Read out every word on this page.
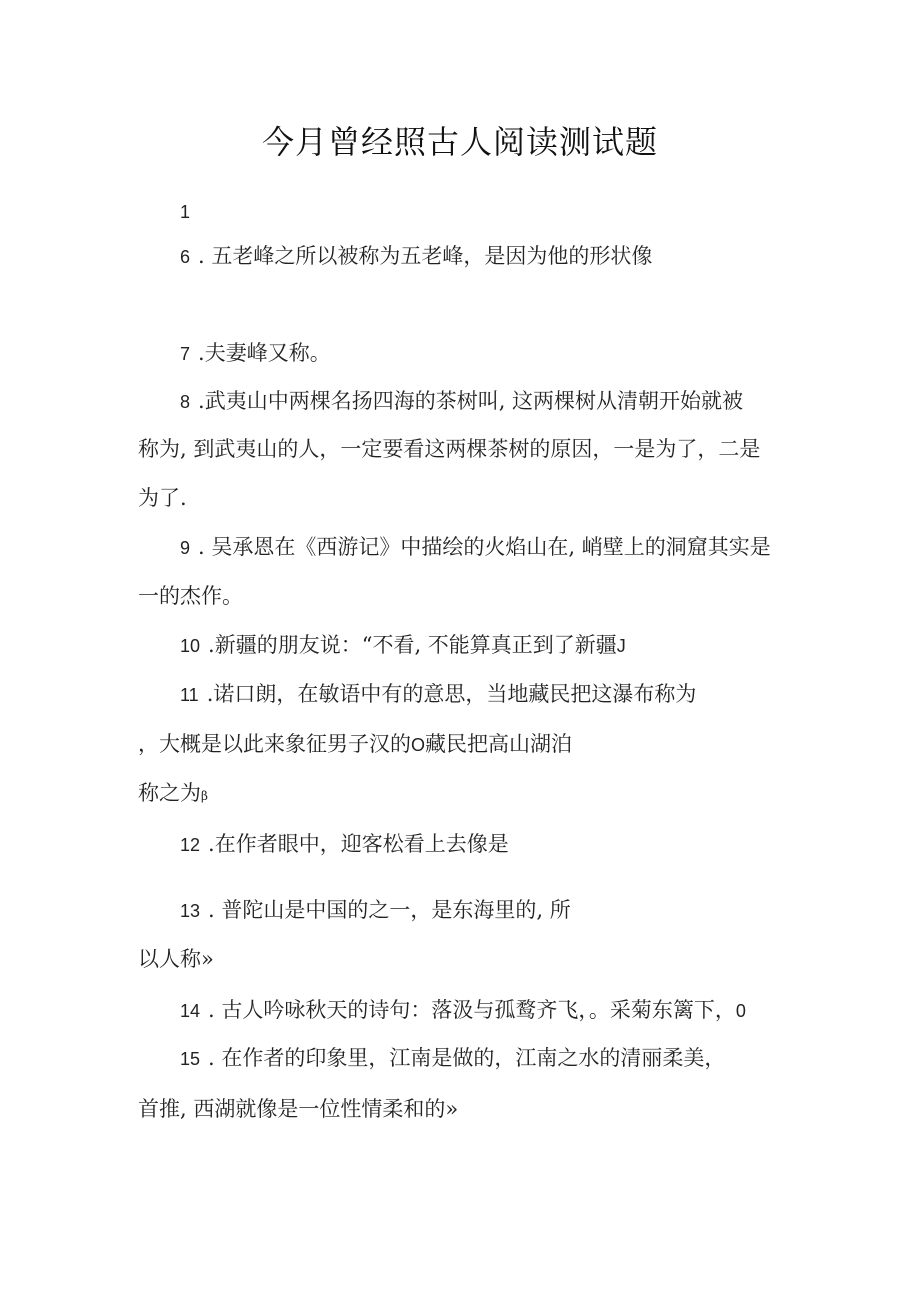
今月曾经照古人阅读测试题
1
6 . 五老峰之所以被称为五老峰，是因为他的形状像
7 .夫妻峰又称。
8 .武夷山中两棵名扬四海的茶树叫, 这两棵树从清朝开始就被
称为, 到武夷山的人，一定要看这两棵茶树的原因，一是为了，二是
为了.
9 . 吴承恩在《西游记》中描绘的火焰山在, 峭壁上的洞窟其实是
一的杰作。
10 .新疆的朋友说：“不看, 不能算真正到了新疆J
11 .诺口朗，在敏语中有的意思，当地藏民把这瀑布称为
，大概是以此来象征男子汉的O藏民把高山湖泊
称之为β
12 .在作者眼中，迎客松看上去像是
13 . 普陀山是中国的之一，是东海里的, 所
以人称»
14 . 古人吟咏秋天的诗句：落汲与孤鹜齐飞，。采菊东篱下，0
15 . 在作者的印象里，江南是做的，江南之水的清丽柔美，
首推, 西湖就像是一位性情柔和的»
